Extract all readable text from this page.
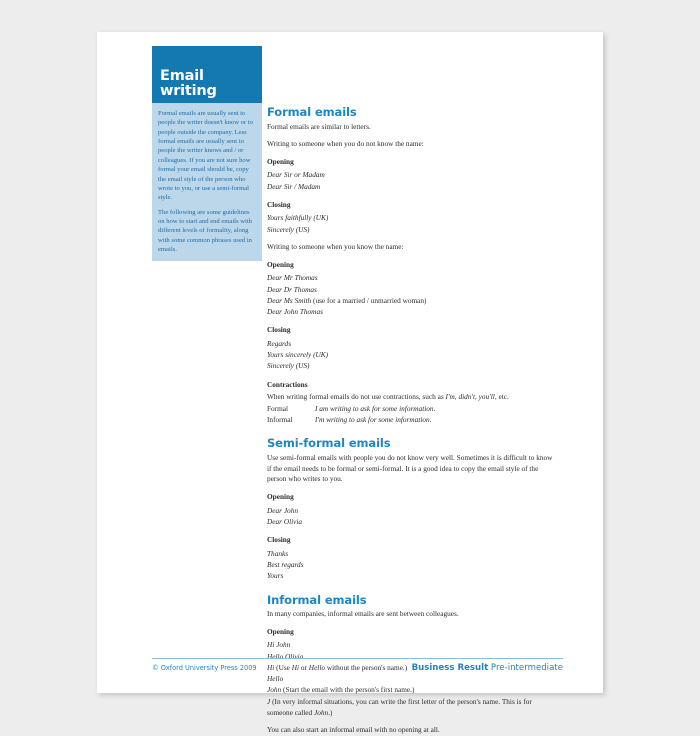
Email writing

Formal emails are usually sent to people the writer doesn't know or to people outside the company. Less formal emails are usually sent to people the writer knows and / or colleagues. If you are not sure how formal your email should be, copy the email style of the person who wrote to you, or use a semi-formal style.

The following are some guidelines on how to start and end emails with different levels of formality, along with some common phrases used in emails.

Formal emails

Formal emails are similar to letters.

Writing to someone when you do not know the name:

Opening

Dear Sir or Madam

Dear Sir / Madam

Closing

Yours faithfully (UK)

Sincerely (US)

Writing to someone when you know the name:

Opening

Dear Mr Thomas

Dear Dr Thomas

Dear Ms Smith (use for a married / unmarried woman)

Dear John Thomas

Closing

Regards

Yours sincerely (UK)

Sincerely (US)

Contractions

When writing formal emails do not use contractions, such as I'm, didn't, you'll, etc.

Formal	I am writing to ask for some information.

Informal	I'm writing to ask for some information.

Semi-formal emails

Use semi-formal emails with people you do not know very well. Sometimes it is difficult to know if the email needs to be formal or semi-formal. It is a good idea to copy the email style of the person who writes to you.

Opening

Dear John

Dear Olivia

Closing

Thanks

Best regards

Yours

Informal emails

In many companies, informal emails are sent between colleagues.

Opening

Hi John

Hello Olivia

Hi (Use Hi or Hello without the person's name.)

Hello

John (Start the email with the person's first name.)

J (In very informal situations, you can write the first letter of the person's name. This is for someone called John.)

You can also start an informal email with no opening at all.

© Oxford University Press 2009	Business Result Pre-intermediate
